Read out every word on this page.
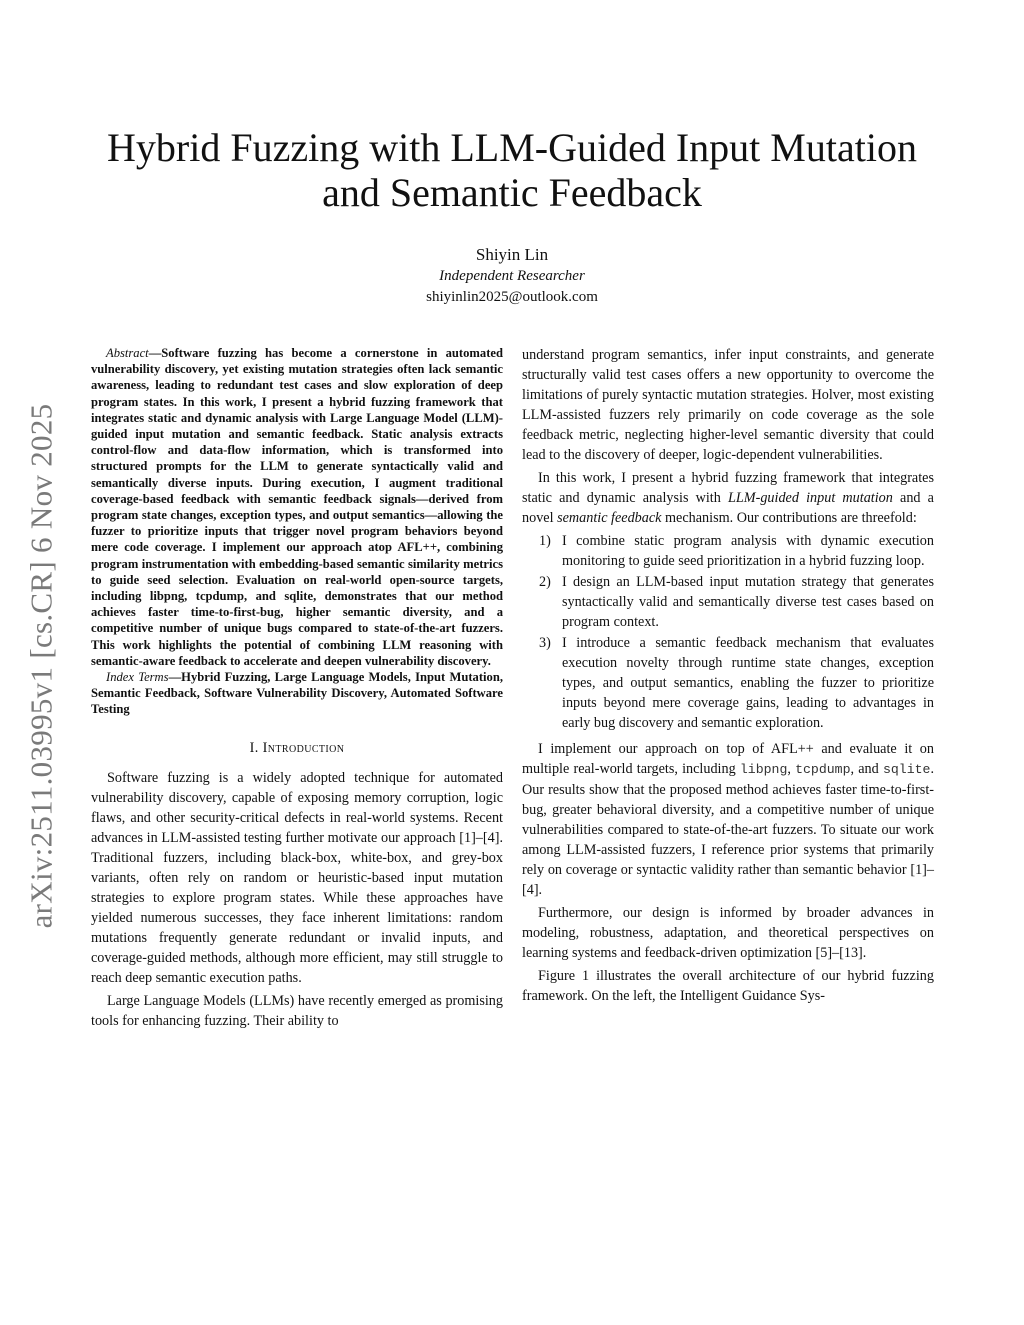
arXiv:2511.03995v1 [cs.CR] 6 Nov 2025
Hybrid Fuzzing with LLM-Guided Input Mutation
and Semantic Feedback
Shiyin Lin
Independent Researcher
shiyinlin2025@outlook.com

Abstract—Software fuzzing has become a cornerstone in automated vulnerability discovery, yet existing mutation strategies often lack semantic awareness, leading to redundant test cases and slow exploration of deep program states. In this work, I present a hybrid fuzzing framework that integrates static and dynamic analysis with Large Language Model (LLM)-guided input mutation and semantic feedback. Static analysis extracts control-flow and data-flow information, which is transformed into structured prompts for the LLM to generate syntactically valid and semantically diverse inputs. During execution, I augment traditional coverage-based feedback with semantic feedback signals—derived from program state changes, exception types, and output semantics—allowing the fuzzer to prioritize inputs that trigger novel program behaviors beyond mere code coverage. I implement our approach atop AFL++, combining program instrumentation with embedding-based semantic similarity metrics to guide seed selection. Evaluation on real-world open-source targets, including libpng, tcpdump, and sqlite, demonstrates that our method achieves faster time-to-first-bug, higher semantic diversity, and a competitive number of unique bugs compared to state-of-the-art fuzzers. This work highlights the potential of combining LLM reasoning with semantic-aware feedback to accelerate and deepen vulnerability discovery.

Index Terms—Hybrid Fuzzing, Large Language Models, Input Mutation, Semantic Feedback, Software Vulnerability Discovery, Automated Software Testing

I. Introduction

Software fuzzing is a widely adopted technique for automated vulnerability discovery, capable of exposing memory corruption, logic flaws, and other security-critical defects in real-world systems. Recent advances in LLM-assisted testing further motivate our approach [1]–[4]. Traditional fuzzers, including black-box, white-box, and grey-box variants, often rely on random or heuristic-based input mutation strategies to explore program states. While these approaches have yielded numerous successes, they face inherent limitations: random mutations frequently generate redundant or invalid inputs, and coverage-guided methods, although more efficient, may still struggle to reach deep semantic execution paths.

Large Language Models (LLMs) have recently emerged as promising tools for enhancing fuzzing. Their ability to

understand program semantics, infer input constraints, and generate structurally valid test cases offers a new opportunity to overcome the limitations of purely syntactic mutation strategies. Holver, most existing LLM-assisted fuzzers rely primarily on code coverage as the sole feedback metric, neglecting higher-level semantic diversity that could lead to the discovery of deeper, logic-dependent vulnerabilities.

In this work, I present a hybrid fuzzing framework that integrates static and dynamic analysis with LLM-guided input mutation and a novel semantic feedback mechanism. Our contributions are threefold:

1) I combine static program analysis with dynamic execution monitoring to guide seed prioritization in a hybrid fuzzing loop.
2) I design an LLM-based input mutation strategy that generates syntactically valid and semantically diverse test cases based on program context.
3) I introduce a semantic feedback mechanism that evaluates execution novelty through runtime state changes, exception types, and output semantics, enabling the fuzzer to prioritize inputs beyond mere coverage gains, leading to advantages in early bug discovery and semantic exploration.

I implement our approach on top of AFL++ and evaluate it on multiple real-world targets, including libpng, tcpdump, and sqlite. Our results show that the proposed method achieves faster time-to-first-bug, greater behavioral diversity, and a competitive number of unique vulnerabilities compared to state-of-the-art fuzzers. To situate our work among LLM-assisted fuzzers, I reference prior systems that primarily rely on coverage or syntactic validity rather than semantic behavior [1]–[4].

Furthermore, our design is informed by broader advances in modeling, robustness, adaptation, and theoretical perspectives on learning systems and feedback-driven optimization [5]–[13].

Figure 1 illustrates the overall architecture of our hybrid fuzzing framework. On the left, the Intelligent Guidance Sys-
